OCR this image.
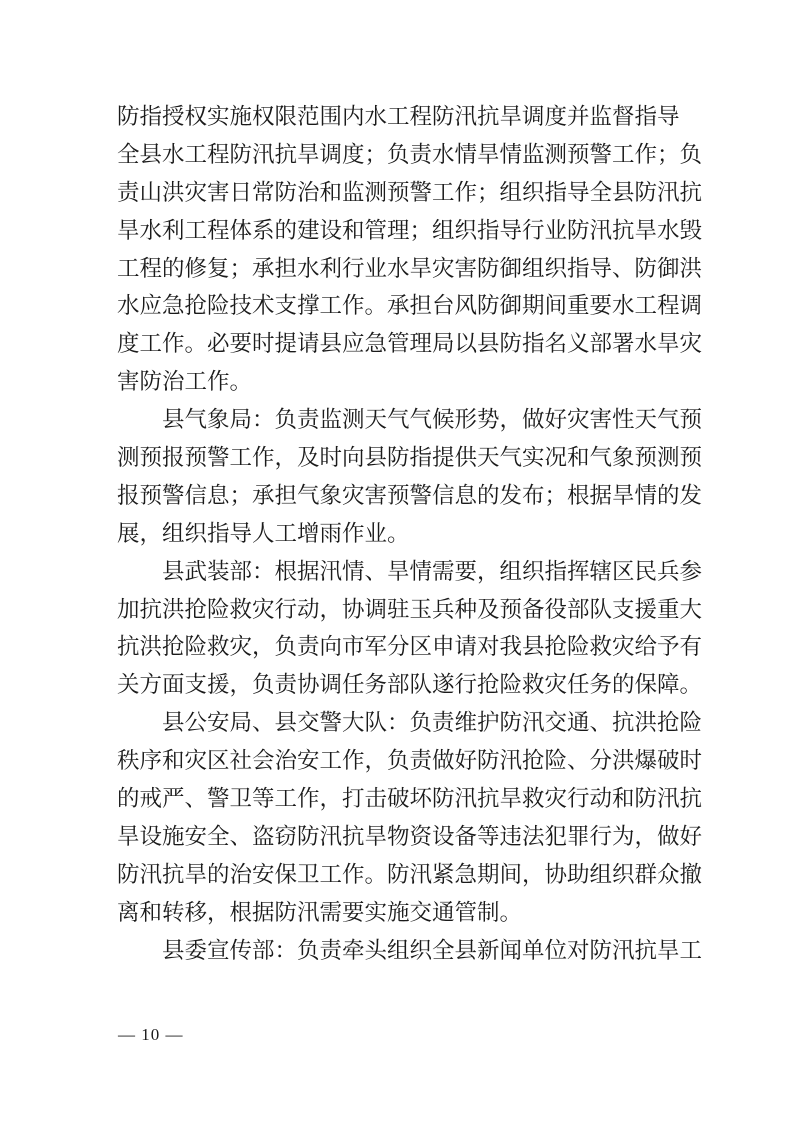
防指授权实施权限范围内水工程防汛抗旱调度并监督指导
全县水工程防汛抗旱调度；负责水情旱情监测预警工作；负
责山洪灾害日常防治和监测预警工作；组织指导全县防汛抗
旱水利工程体系的建设和管理；组织指导行业防汛抗旱水毁
工程的修复；承担水利行业水旱灾害防御组织指导、防御洪
水应急抢险技术支撑工作。承担台风防御期间重要水工程调
度工作。必要时提请县应急管理局以县防指名义部署水旱灾
害防治工作。
县气象局：负责监测天气气候形势，做好灾害性天气预
测预报预警工作，及时向县防指提供天气实况和气象预测预
报预警信息；承担气象灾害预警信息的发布；根据旱情的发
展，组织指导人工增雨作业。
县武装部：根据汛情、旱情需要，组织指挥辖区民兵参
加抗洪抢险救灾行动，协调驻玉兵种及预备役部队支援重大
抗洪抢险救灾，负责向市军分区申请对我县抢险救灾给予有
关方面支援，负责协调任务部队遂行抢险救灾任务的保障。
县公安局、县交警大队：负责维护防汛交通、抗洪抢险
秩序和灾区社会治安工作，负责做好防汛抢险、分洪爆破时
的戒严、警卫等工作，打击破坏防汛抗旱救灾行动和防汛抗
旱设施安全、盗窃防汛抗旱物资设备等违法犯罪行为，做好
防汛抗旱的治安保卫工作。防汛紧急期间，协助组织群众撤
离和转移，根据防汛需要实施交通管制。
县委宣传部：负责牵头组织全县新闻单位对防汛抗旱工
— 10 —
